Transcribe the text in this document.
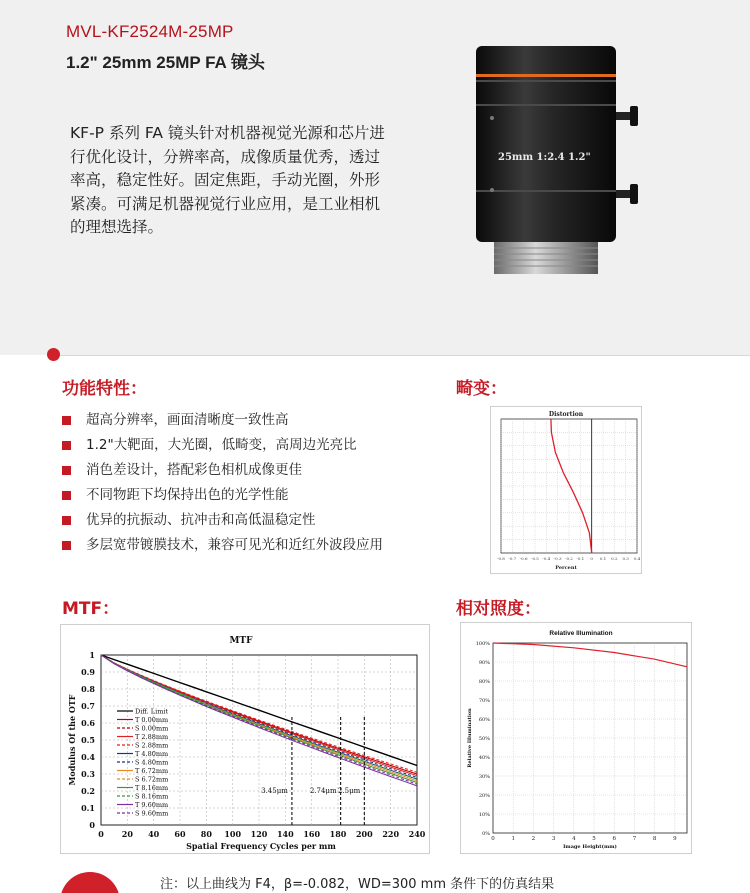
MVL-KF2524M-25MP
1.2" 25mm 25MP FA 镜头
KF-P 系列 FA 镜头针对机器视觉光源和芯片进行优化设计，分辨率高，成像质量优秀，透过率高，稳定性好。固定焦距，手动光圈，外形紧凑。可满足机器视觉行业应用，是工业相机的理想选择。
25mm 1:2.4 1.2"
功能特性：
超高分辨率，画面清晰度一致性高
1.2"大靶面，大光圈，低畸变，高周边光亮比
消色差设计，搭配彩色相机成像更佳
不同物距下均保持出色的光学性能
优异的抗振动、抗冲击和高低温稳定性
多层宽带镀膜技术，兼容可见光和近红外波段应用
畸变：
Distortion
-0.8 -0.7 -0.6 -0.5 -0.4 -0.3 -0.2 -0.1 0 0.1 0.2 0.3 0.4
Percent
MTF：
MTF
0 20 40 60 80 100 120 140 160 180 200 220 240
0
0.1
0.2
0.3
0.4
0.5
0.6
0.7
0.8
0.9
1
3.45μm	2.74μm 2.5μm
Diff. Limit
T 0.00mm
S 0.00mm
T 2.88mm
S 2.88mm
T 4.80mm
S 4.80mm
T 6.72mm
S 6.72mm
T 8.16mm
S 8.16mm
T 9.60mm
S 9.60mm
Spatial Frequency Cycles per mm
Modulus Of the OTF
相对照度：
Relative Illumination
0	1	2	3	4	5	6	7	8	9
0%
10%
20%
30%
40%
50%
60%
70%
80%
90%
100%
Image Height(mm)
Relative Illumination
注：以上曲线为 F4，β=-0.082，WD=300 mm 条件下的仿真结果
